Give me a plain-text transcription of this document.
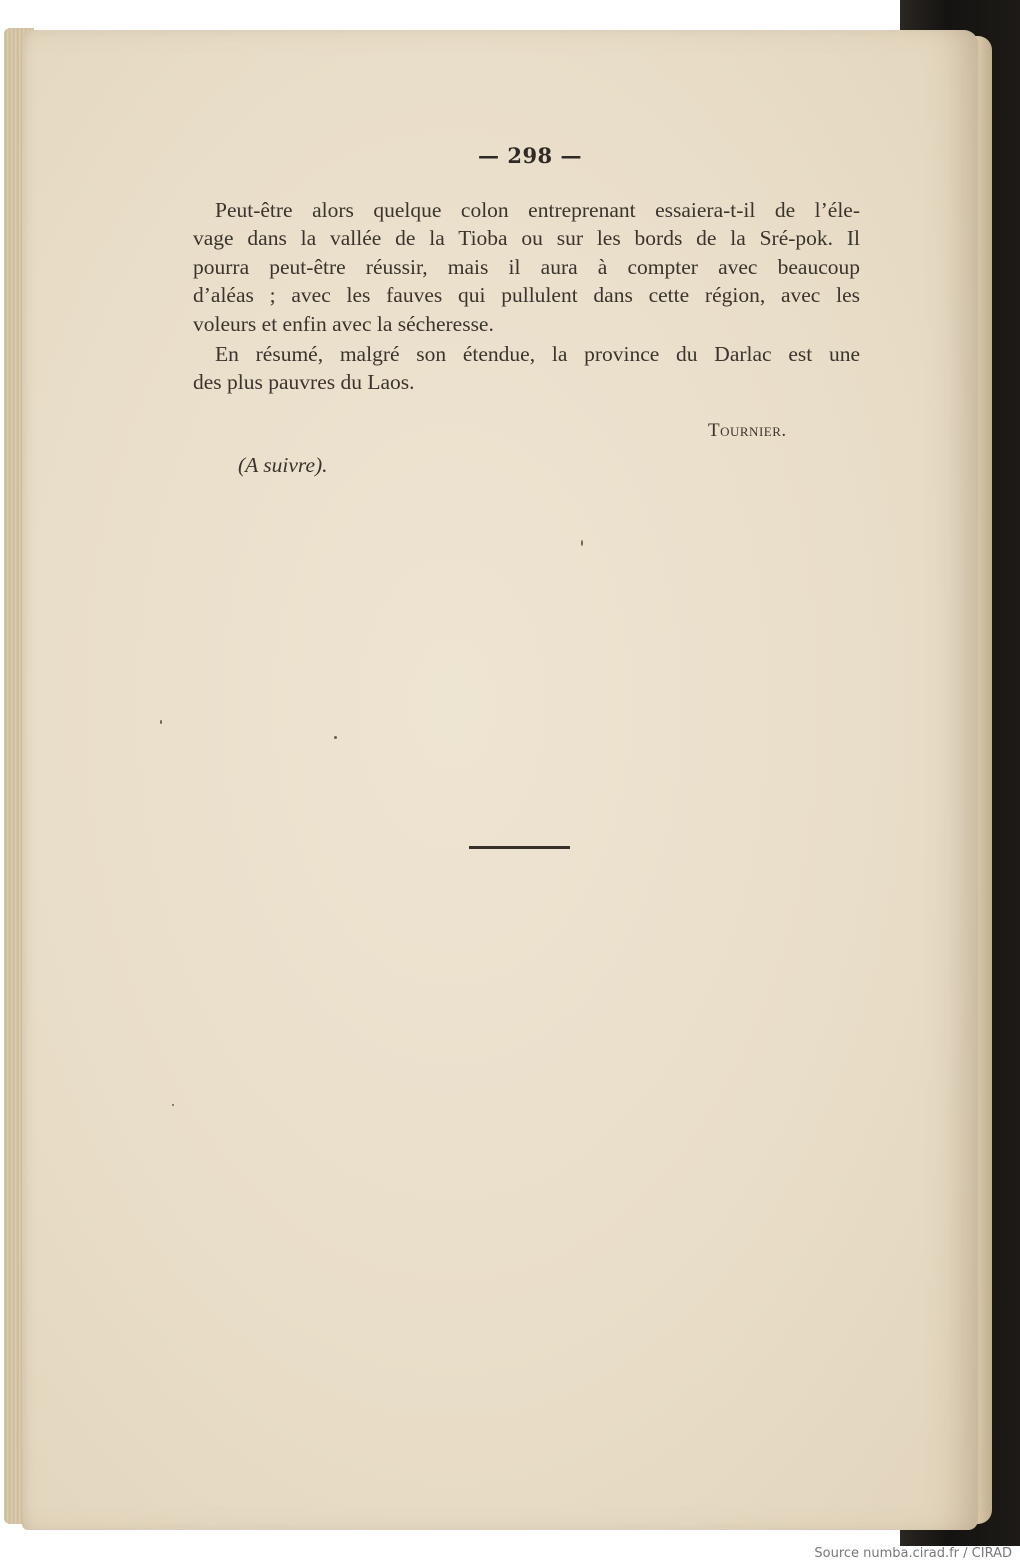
— 298 —
Peut-être alors quelque colon entreprenant essaiera-t-il de l’éle-
vage dans la vallée de la Tioba ou sur les bords de la Sré-pok. Il
pourra peut-être réussir, mais il aura à compter avec beaucoup
d’aléas ; avec les fauves qui pullulent dans cette région, avec les
voleurs et enfin avec la sécheresse.
En résumé, malgré son étendue, la province du Darlac est une
des plus pauvres du Laos.
Tournier.
(A suivre).
Source numba.cirad.fr / CIRAD
